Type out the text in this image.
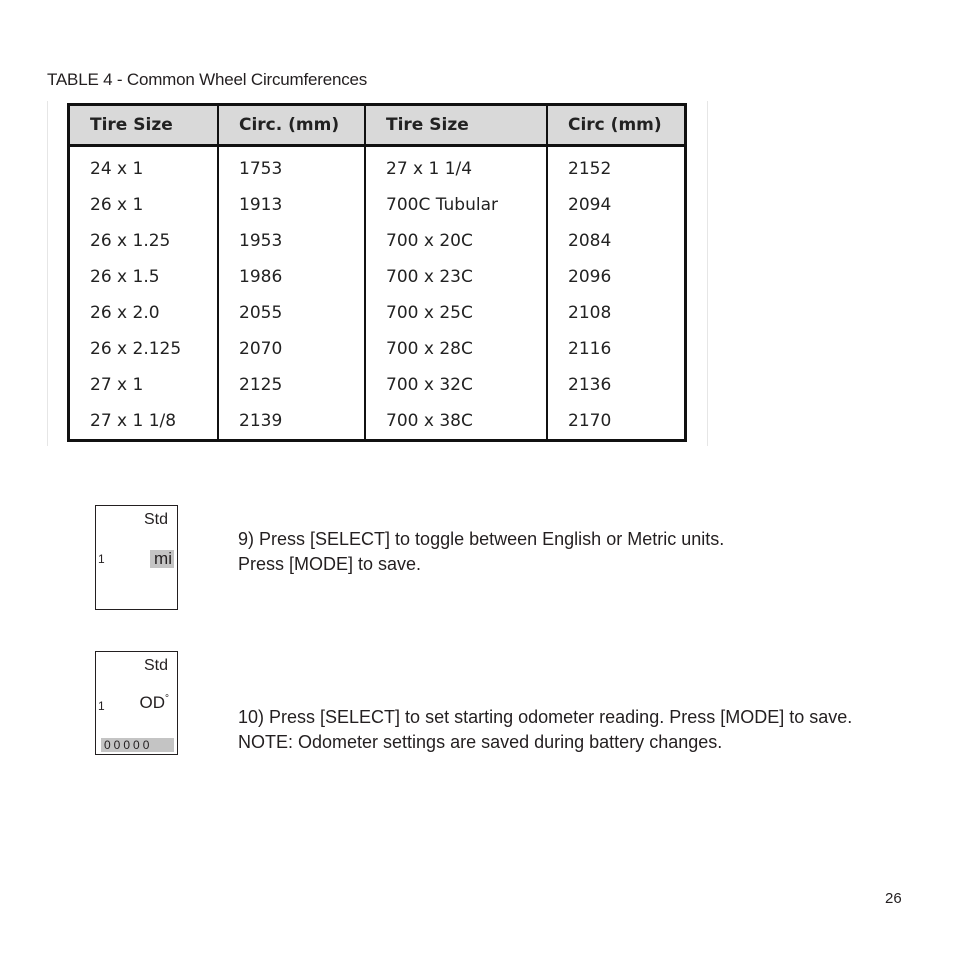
TABLE 4 - Common Wheel Circumferences
Tire Size	Circ. (mm)	Tire Size	Circ (mm)
24 x 1	1753	27 x 1 1/4	2152
26 x 1	1913	700C Tubular	2094
26 x 1.25	1953	700 x 20C	2084
26 x 1.5	1986	700 x 23C	2096
26 x 2.0	2055	700 x 25C	2108
26 x 2.125	2070	700 x 28C	2116
27 x 1	2125	700 x 32C	2136
27 x 1 1/8	2139	700 x 38C	2170
Std
1	mi
9) Press [SELECT] to toggle between English or Metric units.
Press [MODE] to save.
Std
1 OD°
00000
10) Press [SELECT] to set starting odometer reading. Press [MODE] to save.
NOTE: Odometer settings are saved during battery changes.
26
